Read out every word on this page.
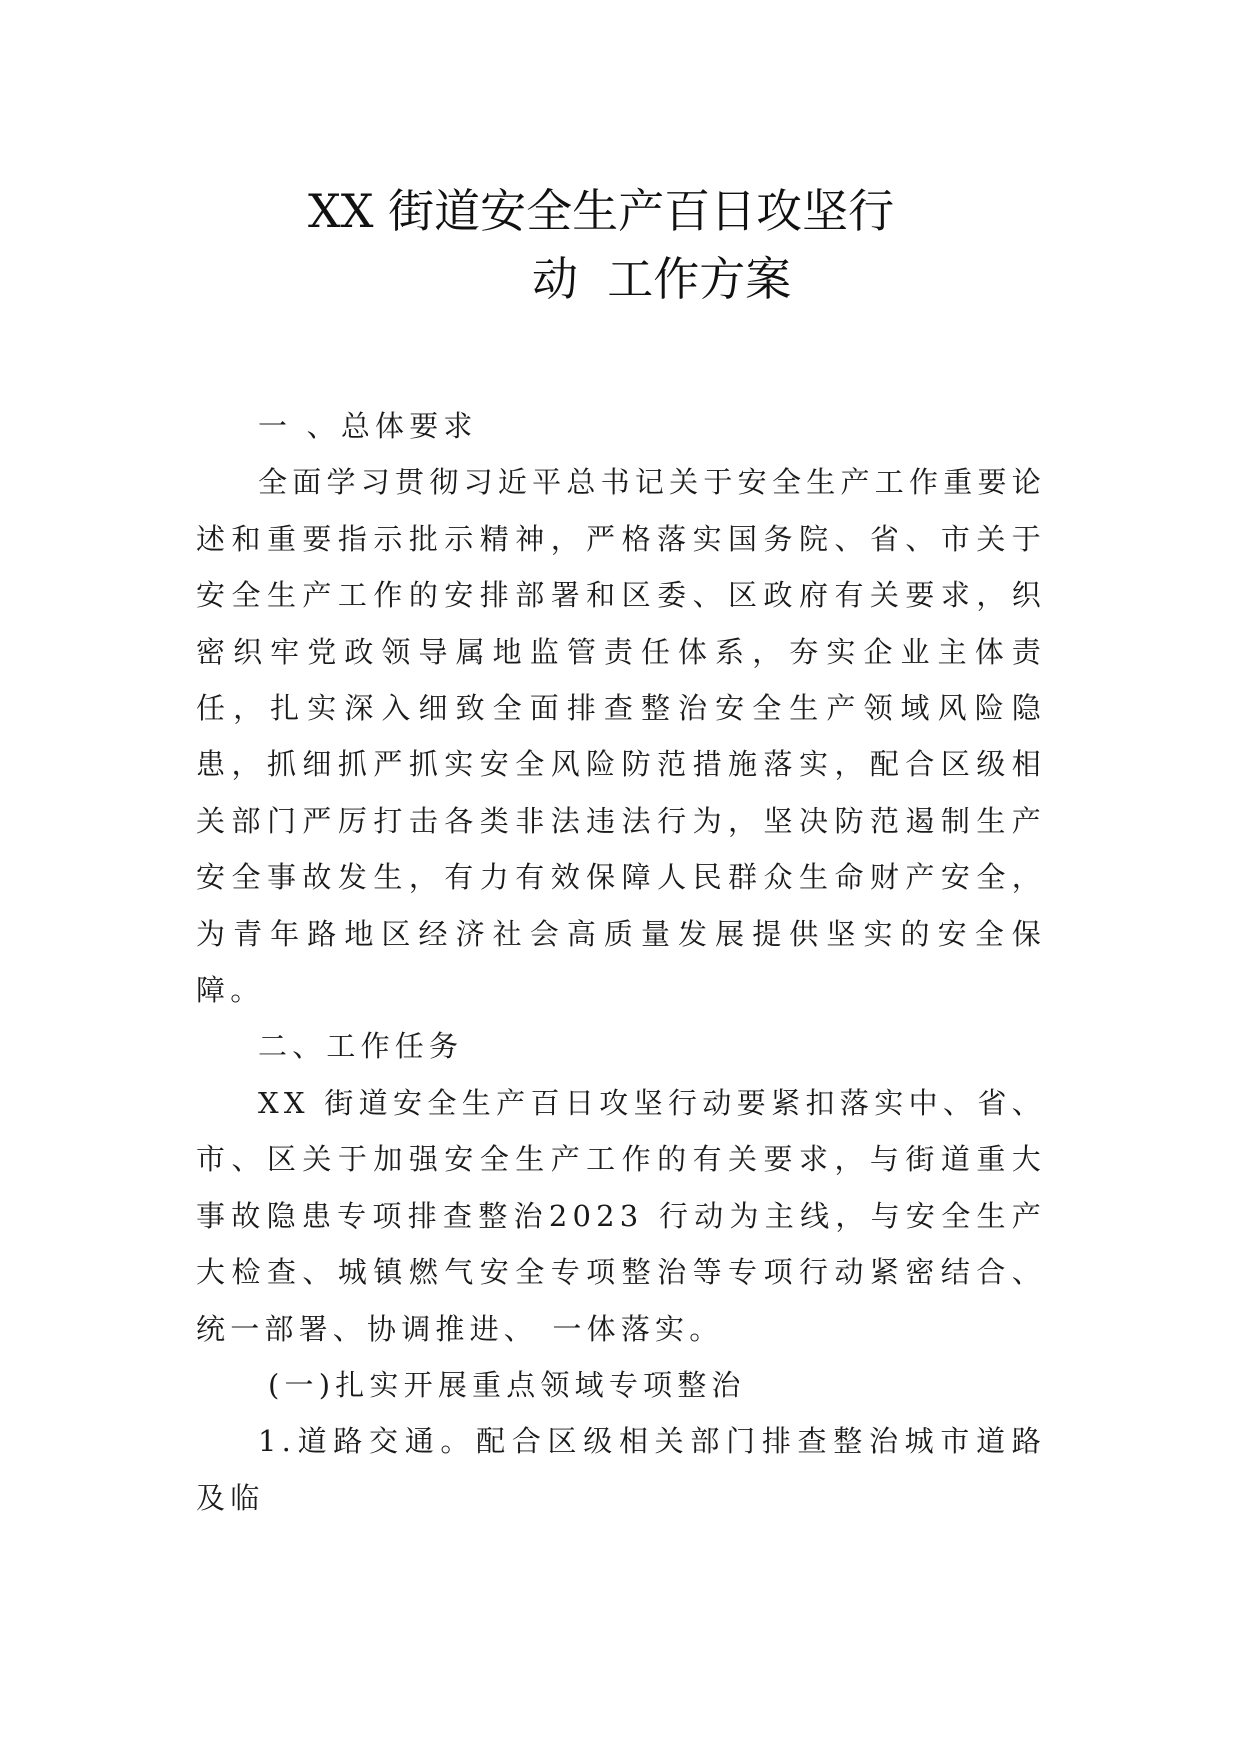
XX 街道安全生产百日攻坚行
动  工作方案

一 、总体要求

全面学习贯彻习近平总书记关于安全生产工作重要论述和重要指示批示精神，严格落实国务院、省、市关于安全生产工作的安排部署和区委、区政府有关要求，织密织牢党政领导属地监管责任体系，夯实企业主体责任，扎实深入细致全面排查整治安全生产领域风险隐患，抓细抓严抓实安全风险防范措施落实，配合区级相关部门严厉打击各类非法违法行为，坚决防范遏制生产安全事故发生，有力有效保障人民群众生命财产安全，为青年路地区经济社会高质量发展提供坚实的安全保障。

二、工作任务

XX 街道安全生产百日攻坚行动要紧扣落实中、省、市、区关于加强安全生产工作的有关要求，与街道重大事故隐患专项排查整治2023 行动为主线，与安全生产大检查、城镇燃气安全专项整治等专项行动紧密结合、统一部署、协调推进、 一体落实。

(一)扎实开展重点领域专项整治

1.道路交通。配合区级相关部门排查整治城市道路及临
